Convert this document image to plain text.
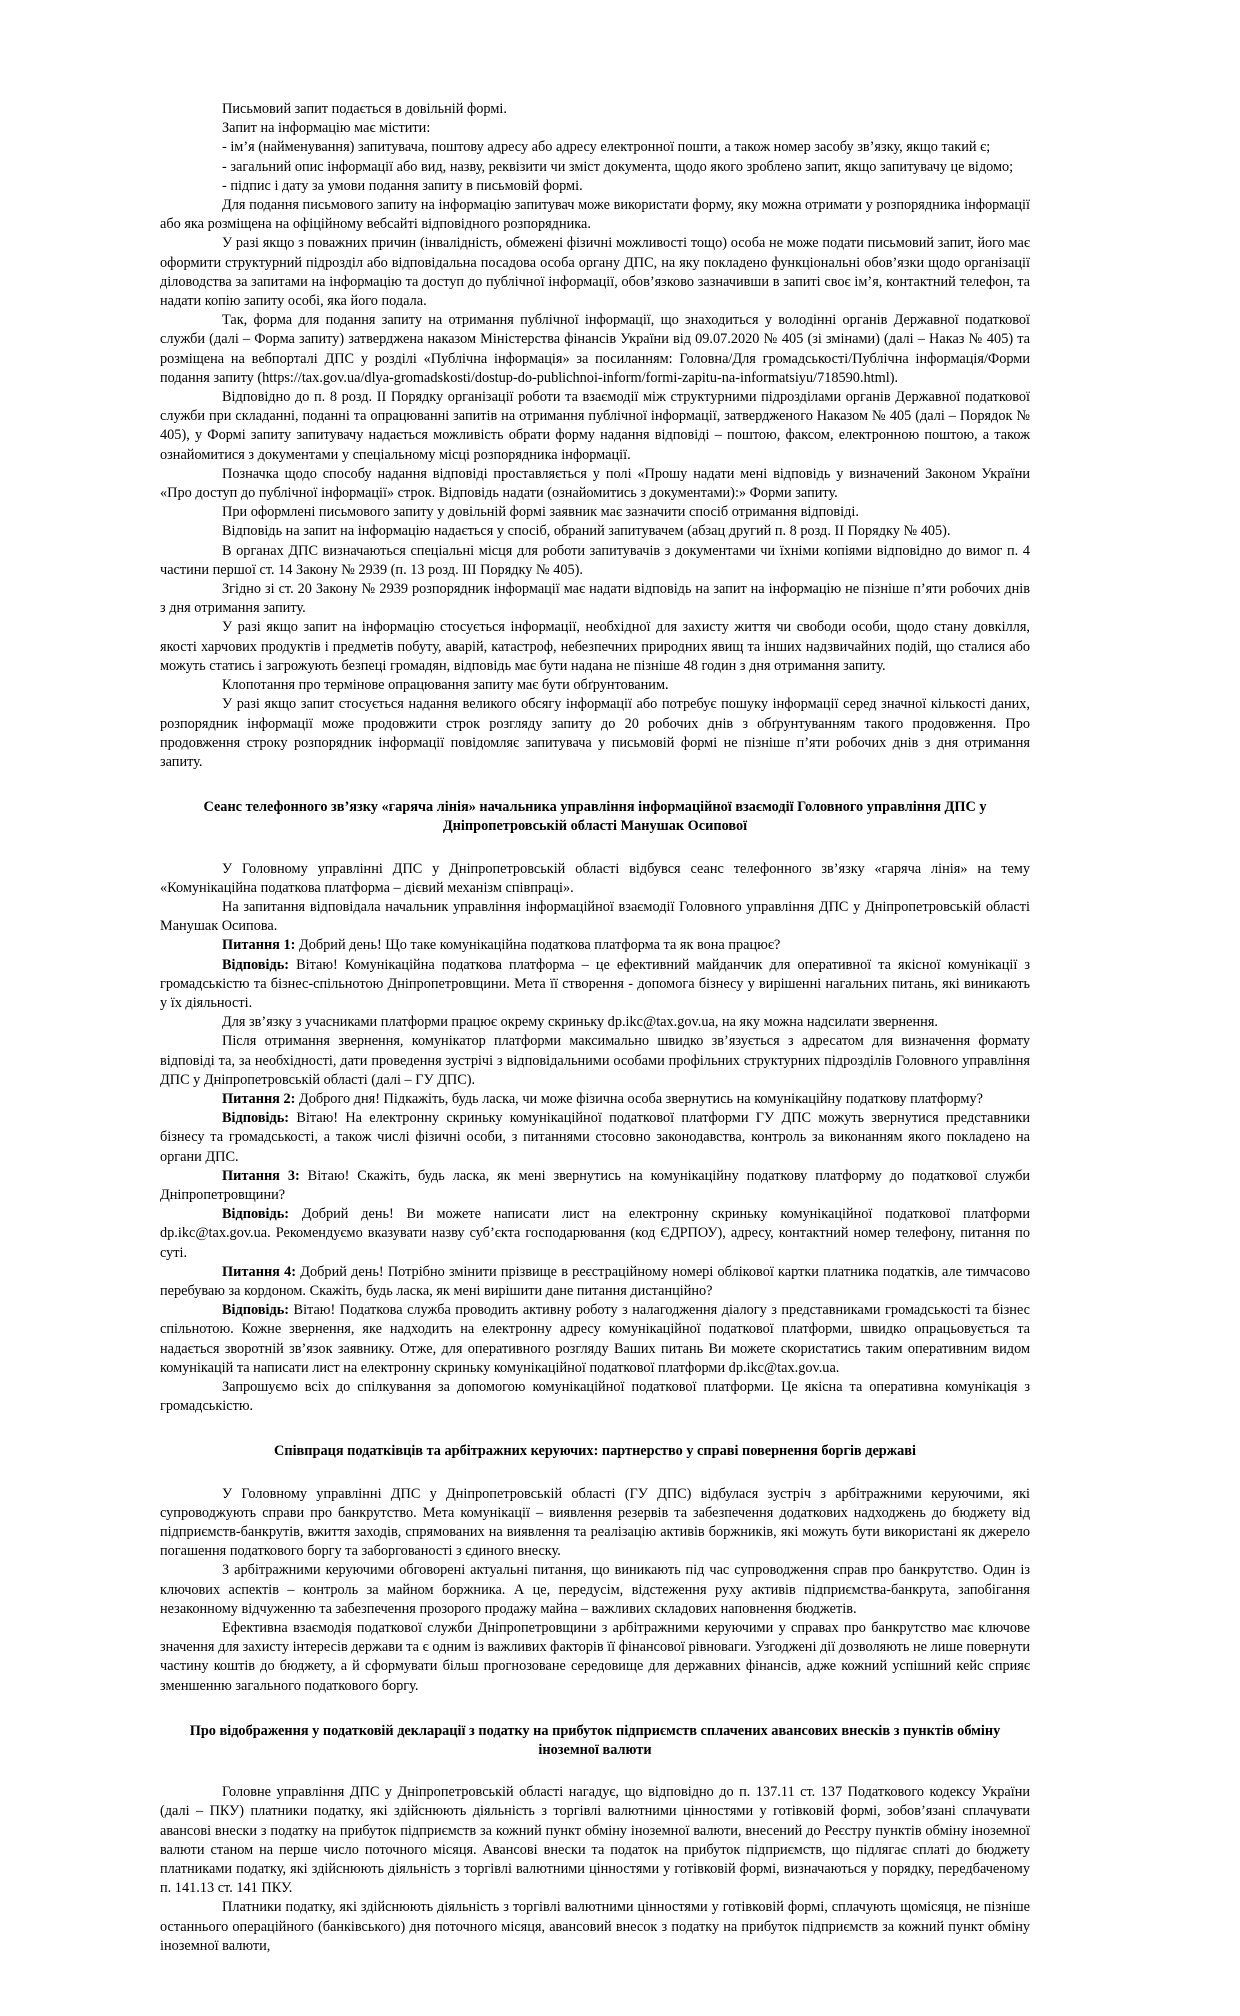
Письмовий запит подається в довільній формі.

Запит на інформацію має містити:

- ім’я (найменування) запитувача, поштову адресу або адресу електронної пошти, а також номер засобу зв’язку, якщо такий є;

- загальний опис інформації або вид, назву, реквізити чи зміст документа, щодо якого зроблено запит, якщо запитувачу це відомо;

- підпис і дату за умови подання запиту в письмовій формі.

Для подання письмового запиту на інформацію запитувач може використати форму, яку можна отримати у розпорядника інформації або яка розміщена на офіційному вебсайті відповідного розпорядника.

У разі якщо з поважних причин (інвалідність, обмежені фізичні можливості тощо) особа не може подати письмовий запит, його має оформити структурний підрозділ або відповідальна посадова особа органу ДПС, на яку покладено функціональні обов’язки щодо організації діловодства за запитами на інформацію та доступ до публічної інформації, обов’язково зазначивши в запиті своє ім’я, контактний телефон, та надати копію запиту особі, яка його подала.

Так, форма для подання запиту на отримання публічної інформації, що знаходиться у володінні органів Державної податкової служби (далі – Форма запиту) затверджена наказом Міністерства фінансів України від 09.07.2020 № 405 (зі змінами) (далі – Наказ № 405) та розміщена на вебпорталі ДПС у розділі «Публічна інформація» за посиланням: Головна/Для громадськості/Публічна інформація/Форми подання запиту (https://tax.gov.ua/dlya-gromadskosti/dostup-do-publichnoi-inform/formi-zapitu-na-informatsiyu/718590.html).

Відповідно до п. 8 розд. II Порядку організації роботи та взаємодії між структурними підрозділами органів Державної податкової служби при складанні, поданні та опрацюванні запитів на отримання публічної інформації, затвердженого Наказом № 405 (далі – Порядок № 405), у Формі запиту запитувачу надається можливість обрати форму надання відповіді – поштою, факсом, електронною поштою, а також ознайомитися з документами у спеціальному місці розпорядника інформації.

Позначка щодо способу надання відповіді проставляється у полі «Прошу надати мені відповідь у визначений Законом України «Про доступ до публічної інформації» строк. Відповідь надати (ознайомитись з документами):» Форми запиту.

При оформлені письмового запиту у довільній формі заявник має зазначити спосіб отримання відповіді.

Відповідь на запит на інформацію надається у спосіб, обраний запитувачем (абзац другий п. 8 розд. II Порядку № 405).

В органах ДПС визначаються спеціальні місця для роботи запитувачів з документами чи їхніми копіями відповідно до вимог п. 4 частини першої ст. 14 Закону № 2939 (п. 13 розд. III Порядку № 405).

Згідно зі ст. 20 Закону № 2939 розпорядник інформації має надати відповідь на запит на інформацію не пізніше п’яти робочих днів з дня отримання запиту.

У разі якщо запит на інформацію стосується інформації, необхідної для захисту життя чи свободи особи, щодо стану довкілля, якості харчових продуктів і предметів побуту, аварій, катастроф, небезпечних природних явищ та інших надзвичайних подій, що сталися або можуть статись і загрожують безпеці громадян, відповідь має бути надана не пізніше 48 годин з дня отримання запиту.

Клопотання про термінове опрацювання запиту має бути обґрунтованим.

У разі якщо запит стосується надання великого обсягу інформації або потребує пошуку інформації серед значної кількості даних, розпорядник інформації може продовжити строк розгляду запиту до 20 робочих днів з обґрунтуванням такого продовження. Про продовження строку розпорядник інформації повідомляє запитувача у письмовій формі не пізніше п’яти робочих днів з дня отримання запиту.

Сеанс телефонного зв’язку «гаряча лінія» начальника управління інформаційної взаємодії Головного управління ДПС у Дніпропетровській області Манушак Осипової

У Головному управлінні ДПС у Дніпропетровській області відбувся сеанс телефонного зв’язку «гаряча лінія» на тему «Комунікаційна податкова платформа – дієвий механізм співпраці».

На запитання відповідала начальник управління інформаційної взаємодії Головного управління ДПС у Дніпропетровській області Манушак Осипова.

Питання 1: Добрий день! Що таке комунікаційна податкова платформа та як вона працює?

Відповідь: Вітаю! Комунікаційна податкова платформа – це ефективний майданчик для оперативної та якісної комунікації з громадськістю та бізнес-спільнотою Дніпропетровщини. Мета її створення - допомога бізнесу у вирішенні нагальних питань, які виникають у їх діяльності.

Для зв’язку з учасниками платформи працює окрему скриньку dp.ikc@tax.gov.ua, на яку можна надсилати звернення.

Після отримання звернення, комунікатор платформи максимально швидко зв’язується з адресатом для визначення формату відповіді та, за необхідності, дати проведення зустрічі з відповідальними особами профільних структурних підрозділів Головного управління ДПС у Дніпропетровській області (далі – ГУ ДПС).

Питання 2: Доброго дня! Підкажіть, будь ласка, чи може фізична особа звернутись на комунікаційну податкову платформу?

Відповідь: Вітаю! На електронну скриньку комунікаційної податкової платформи ГУ ДПС можуть звернутися представники бізнесу та громадськості, а також числі фізичні особи, з питаннями стосовно законодавства, контроль за виконанням якого покладено на органи ДПС.

Питання 3: Вітаю! Скажіть, будь ласка, як мені звернутись на комунікаційну податкову платформу до податкової служби Дніпропетровщини?

Відповідь: Добрий день! Ви можете написати лист на електронну скриньку комунікаційної податкової платформи dp.ikc@tax.gov.ua. Рекомендуємо вказувати назву суб’єкта господарювання (код ЄДРПОУ), адресу, контактний номер телефону, питання по суті.

Питання 4: Добрий день! Потрібно змінити прізвище в реєстраційному номері облікової картки платника податків, але тимчасово перебуваю за кордоном. Скажіть, будь ласка, як мені вирішити дане питання дистанційно?

Відповідь: Вітаю! Податкова служба проводить активну роботу з налагодження діалогу з представниками громадськості та бізнес спільнотою. Кожне звернення, яке надходить на електронну адресу комунікаційної податкової платформи, швидко опрацьовується та надається зворотній зв’язок заявнику. Отже, для оперативного розгляду Ваших питань Ви можете скористатись таким оперативним видом комунікацій та написати лист на електронну скриньку комунікаційної податкової платформи dp.ikc@tax.gov.ua.

Запрошуємо всіх до спілкування за допомогою комунікаційної податкової платформи. Це якісна та оперативна комунікація з громадськістю.

Співпраця податківців та арбітражних керуючих: партнерство у справі повернення боргів державі

У Головному управлінні ДПС у Дніпропетровській області (ГУ ДПС) відбулася зустріч з арбітражними керуючими, які супроводжують справи про банкрутство. Мета комунікації – виявлення резервів та забезпечення додаткових надходжень до бюджету від підприємств-банкрутів, вжиття заходів, спрямованих на виявлення та реалізацію активів боржників, які можуть бути використані як джерело погашення податкового боргу та заборгованості з єдиного внеску.

З арбітражними керуючими обговорені актуальні питання, що виникають під час супроводження справ про банкрутство. Один із ключових аспектів – контроль за майном боржника. А це, передусім, відстеження руху активів підприємства-банкрута, запобігання незаконному відчуженню та забезпечення прозорого продажу майна – важливих складових наповнення бюджетів.

Ефективна взаємодія податкової служби Дніпропетровщини з арбітражними керуючими у справах про банкрутство має ключове значення для захисту інтересів держави та є одним із важливих факторів її фінансової рівноваги. Узгоджені дії дозволяють не лише повернути частину коштів до бюджету, а й сформувати більш прогнозоване середовище для державних фінансів, адже кожний успішний кейс сприяє зменшенню загального податкового боргу.

Про відображення у податковій декларації з податку на прибуток підприємств сплачених авансових внесків з пунктів обміну іноземної валюти

Головне управління ДПС у Дніпропетровській області нагадує, що відповідно до п. 137.11 ст. 137 Податкового кодексу України (далі – ПКУ) платники податку, які здійснюють діяльність з торгівлі валютними цінностями у готівковій формі, зобов’язані сплачувати авансові внески з податку на прибуток підприємств за кожний пункт обміну іноземної валюти, внесений до Реєстру пунктів обміну іноземної валюти станом на перше число поточного місяця. Авансові внески та податок на прибуток підприємств, що підлягає сплаті до бюджету платниками податку, які здійснюють діяльність з торгівлі валютними цінностями у готівковій формі, визначаються у порядку, передбаченому п. 141.13 ст. 141 ПКУ.

Платники податку, які здійснюють діяльність з торгівлі валютними цінностями у готівковій формі, сплачують щомісяця, не пізніше останнього операційного (банківського) дня поточного місяця, авансовий внесок з податку на прибуток підприємств за кожний пункт обміну іноземної валюти,
